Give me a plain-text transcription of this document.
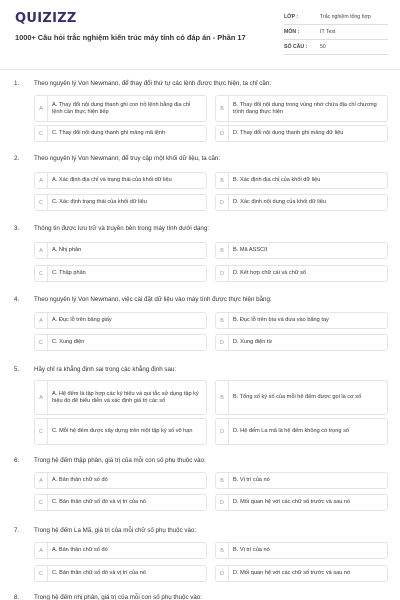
QUIZIZZ
1000+ Câu hỏi trắc nghiệm kiến trúc máy tính có đáp án - Phần 17
LỚP :	Trắc nghiệm tổng hợp
MÔN :	IT Test
SỐ CÂU :	50
1. Theo nguyên lý Von Newmann, để thay đổi thứ tự các lệnh được thực hiện, ta chỉ cần:
A
A. Thay đổi nội dung thanh ghi con trỏ lệnh bằng địa chỉ lệnh cần thực hiện tiếp	B
B. Thay đổi nội dung trong vùng nhớ chứa địa chỉ chương trình đang thực hiện
C	C. Thay đổi nội dung thanh ghi mảng mã lệnh	D	D. Thay đổi nội dung thanh ghi mảng dữ liệu
2. Theo nguyên lý Von Newmann, để truy cập một khối dữ liệu, ta cần:
A	A. Xác định địa chỉ và trạng thái của khối dữ liệu	B	B. Xác định địa chỉ của khối dữ liệu
C	C. Xác định trạng thái của khối dữ liệu	D	D. Xác định nội dung của khối dữ liệu
3. Thông tin được lưu trữ và truyền bên trong máy tính dưới dạng:
A	A. Nhị phân	B	B. Mã ASSCII
C	C. Thập phân	D	D. Kết hợp chữ cái và chữ số
4. Theo nguyên lý Von Newmann, việc cài đặt dữ liệu vào máy tính được thực hiện bằng:
A	A. Đục lỗ trên băng giấy	B	B. Đục lỗ trên bìa và đưa vào băng tay
C	C. Xung điện	D	D. Xung điện từ
5. Hãy chỉ ra khẳng định sai trong các khẳng định sau:
A
A. Hệ đếm là tập hợp các ký hiệu và qui tắc sử dụng tập ký hiệu đó để biểu diễn và xác định giá trị các số	B	B. Tổng số ký số của mỗi hệ đếm được gọi là cơ số
C	C. Mỗi hệ đếm được xây dựng trên một tập ký số vô hạn	D	D. Hệ đếm La mã là hệ đếm không có trọng số
6. Trong hệ đếm thập phân, giá trị của mỗi con số phụ thuộc vào:
A	A. Bản thân chữ số đó	B	B. Vị trí của nó
C	C. Bản thân chữ số đó và vị trí của nó	D	D. Mối quan hệ với các chữ số trước và sau nó
7. Trong hệ đếm La Mã, giá trị của mỗi chữ số phụ thuộc vào:
A	A. Bản thân chữ số đó	B	B. Vị trí của nó
C	C. Bản thân chữ số đó và vị trí của nó	D	D. Mối quan hệ với các chữ số trước và sau nó
8. Trong hệ đếm nhị phân, giá trị của mỗi con số phụ thuộc vào:
